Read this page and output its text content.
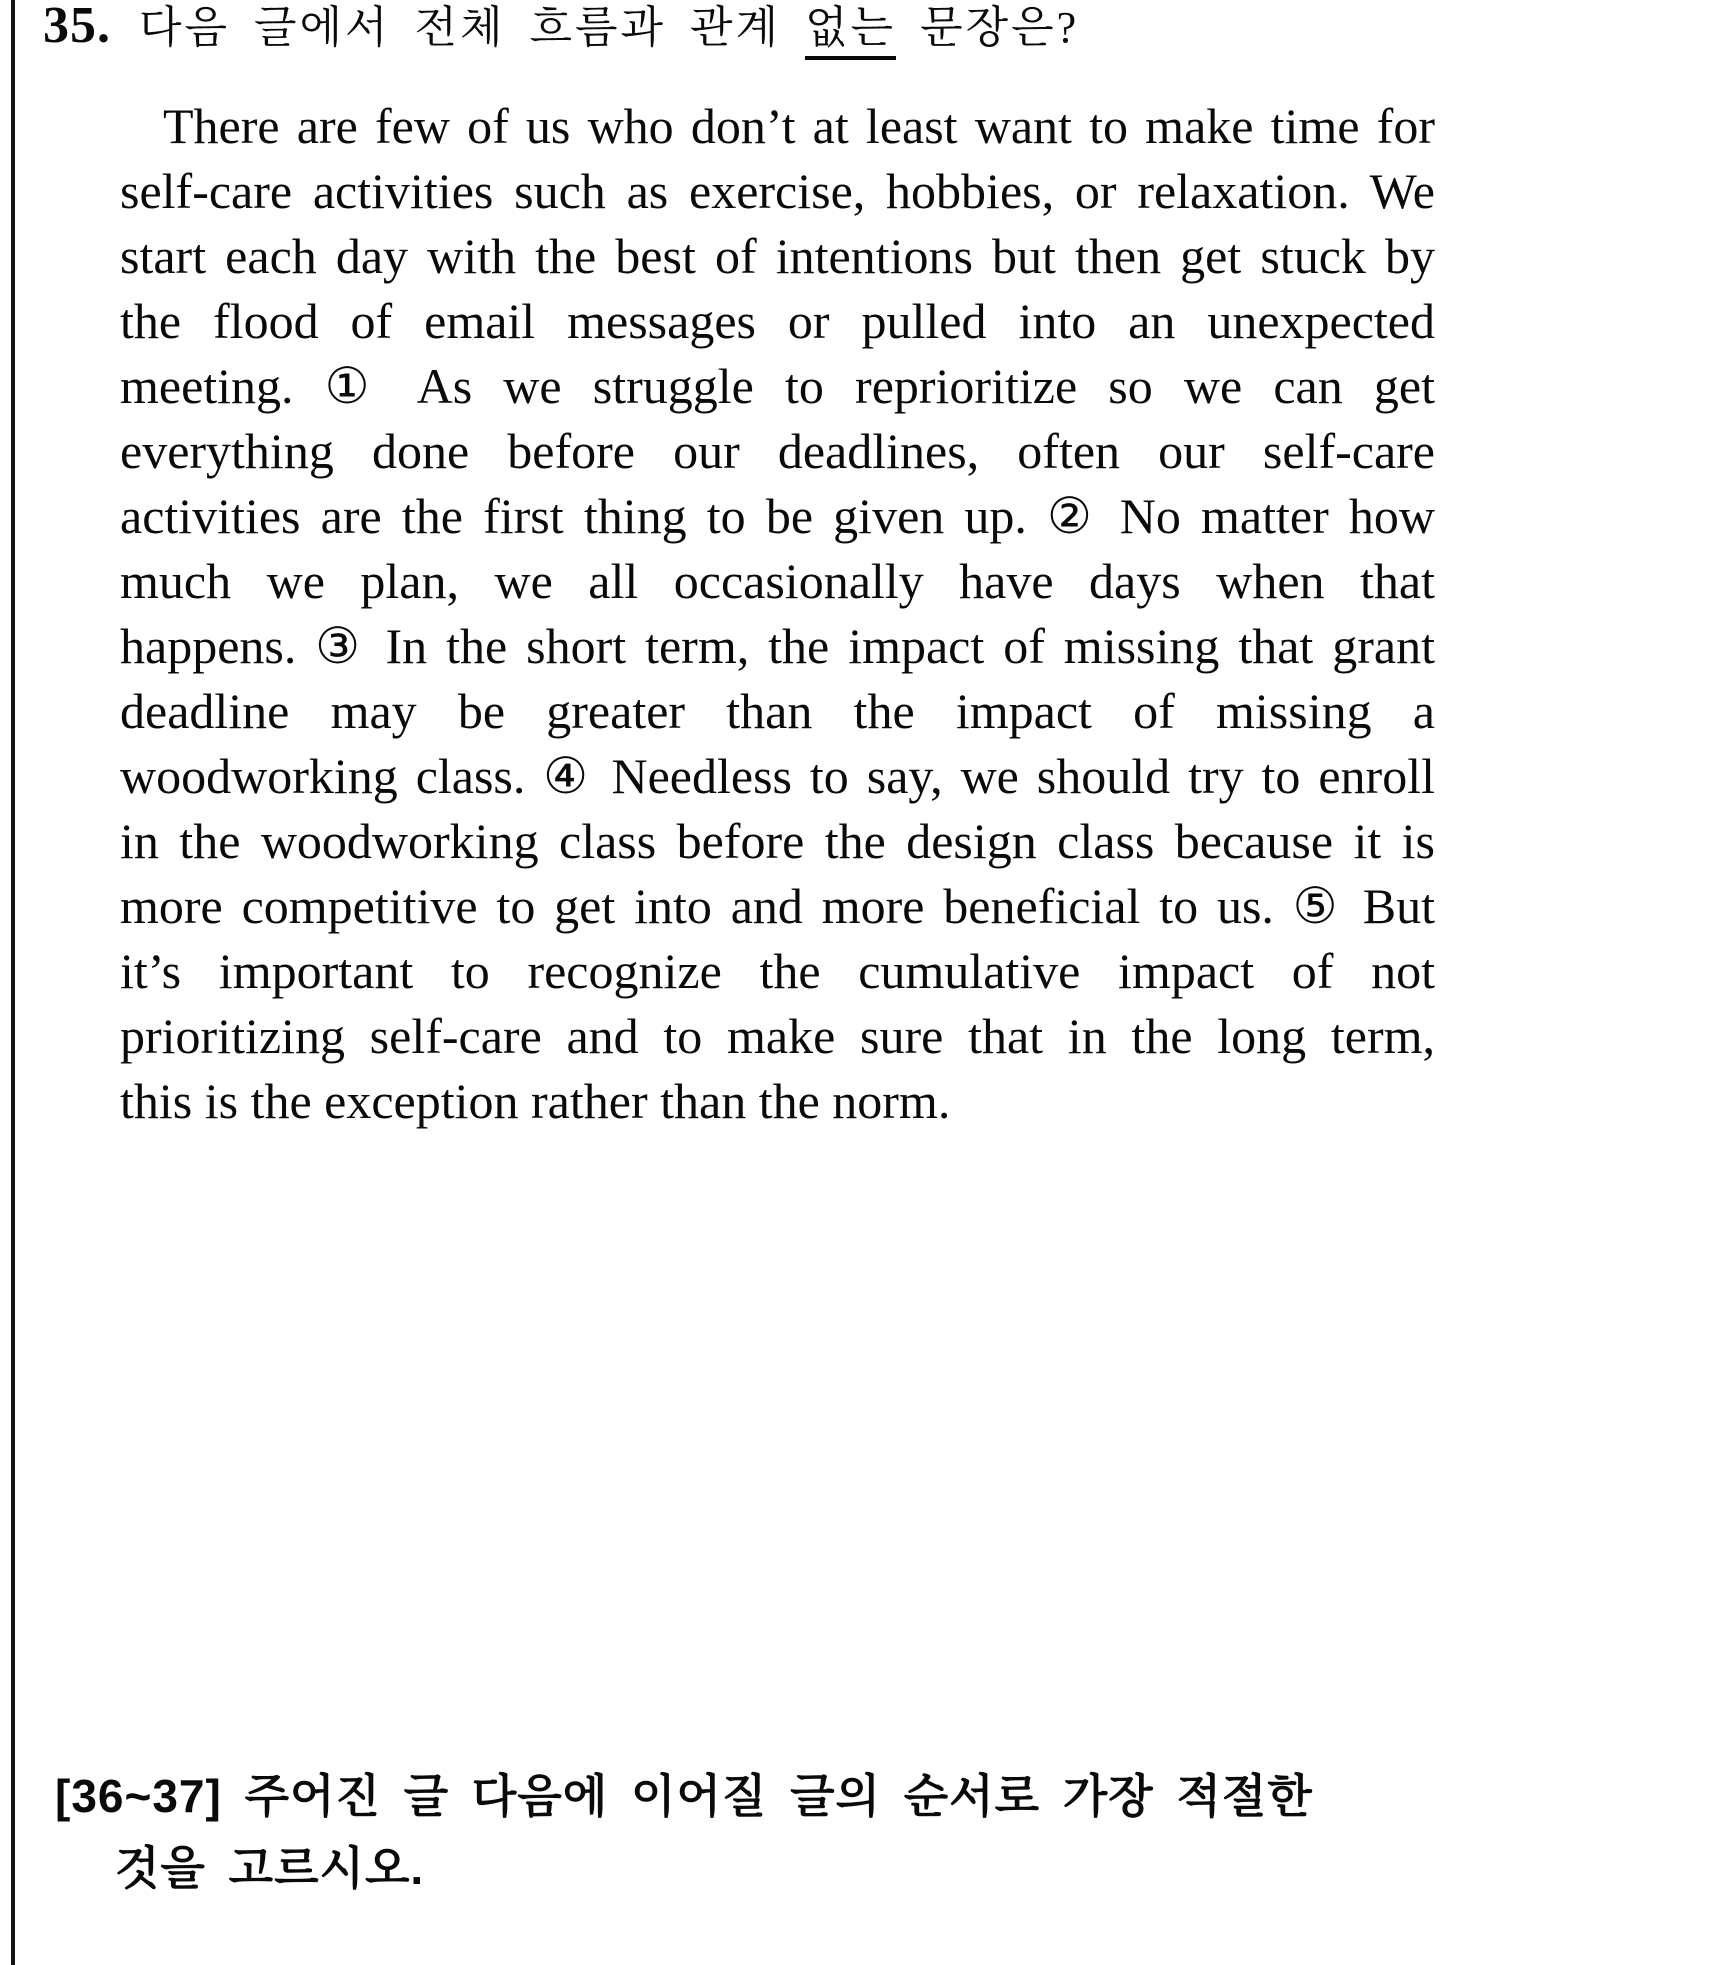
35. 다음 글에서 전체 흐름과 관계 없는 문장은?
There are few of us who don’t at least want to make time for
self-care activities such as exercise, hobbies, or relaxation. We
start each day with the best of intentions but then get stuck by
the flood of email messages or pulled into an unexpected
meeting. ① As we struggle to reprioritize so we can get
everything done before our deadlines, often our self-care
activities are the first thing to be given up. ② No matter how
much we plan, we all occasionally have days when that
happens. ③ In the short term, the impact of missing that grant
deadline may be greater than the impact of missing a
woodworking class. ④ Needless to say, we should try to enroll
in the woodworking class before the design class because it is
more competitive to get into and more beneficial to us. ⑤ But
it’s important to recognize the cumulative impact of not
prioritizing self-care and to make sure that in the long term,
this is the exception rather than the norm.
[36~37] 주어진 글 다음에 이어질 글의 순서로 가장 적절한
것을 고르시오.
